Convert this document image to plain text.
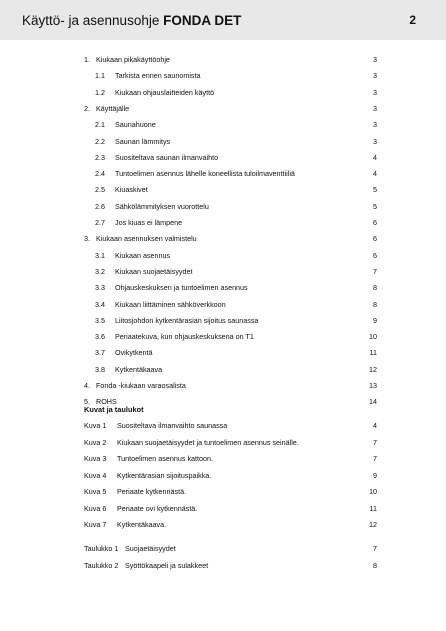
Käyttö- ja asennusohje FONDA DET	2
1. Kiukaan pikakäyttöohje	3
1.1 Tarkista ennen saunomista	3
1.2 Kiukaan ohjauslaitteiden käyttö	3
2. Käyttäjälle	3
2.1 Saunahuone	3
2.2 Saunan lämmitys	3
2.3 Suositeltava saunan ilmanvaihto	4
2.4 Tuntoelimen asennus lähelle koneellista tuloilmaventtiiliä	4
2.5 Kiuaskivet	5
2.6 Sähkölämmityksen vuorottelu	5
2.7 Jos kiuas ei lämpene	6
3. Kiukaan asennuksen valmistelu	6
3.1 Kiukaan asennus	6
3.2 Kiukaan suojaetäisyydet	7
3.3 Ohjauskeskuksen ja tuntoelimen asennus	8
3.4 Kiukaan liittäminen sähköverkkoon	8
3.5 Liitosjohdon kytkentärasian sijoitus saunassa	9
3.6 Periaatekuva, kun ohjauskeskuksena on T1	10
3.7 Ovikytkentä	11
3.8 Kytkentäkaava	12
4. Fonda -kiukaan varaosalista	13
5. ROHS	14
Kuvat ja taulukot
Kuva 1 Suositeltava ilmanvaihto saunassa	4
Kuva 2 Kiukaan suojaetäisyydet ja tuntoelimen asennus seinälle.	7
Kuva 3 Tuntoelimen asennus kattoon.	7
Kuva 4 Kytkentärasian sijoituspaikka.	9
Kuva 5 Periaate kytkennästä.	10
Kuva 6 Periaate ovi kytkennästä.	11
Kuva 7 Kytkentäkaava.	12
Taulukko 1 Suojaetäisyydet	7
Taulukko 2 Syöttökaapeli ja sulakkeet	8
